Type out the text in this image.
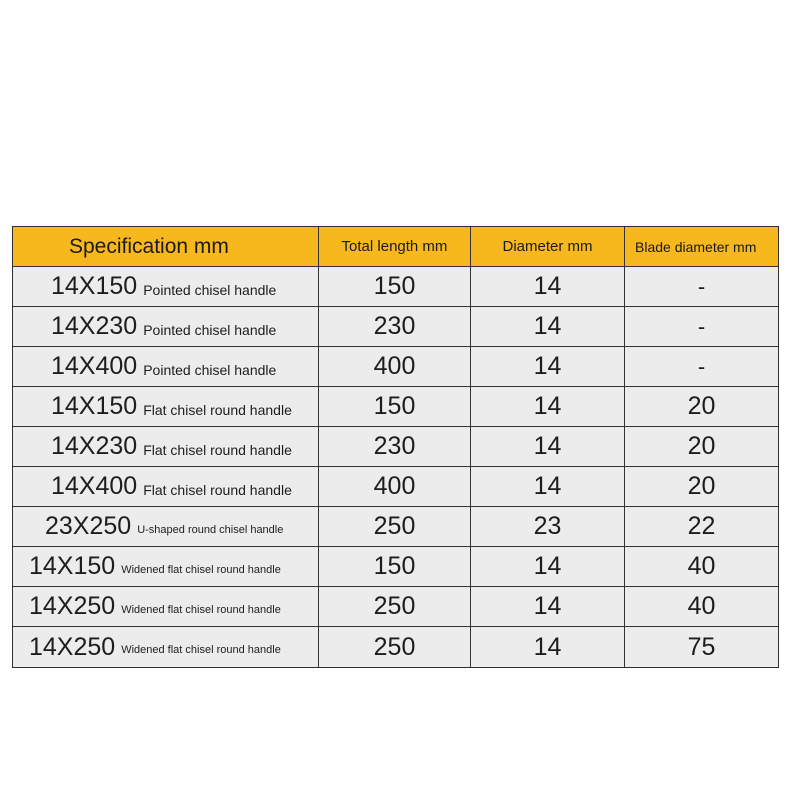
Specification mm	Total length mm	Diameter mm	Blade diameter mm
14X150 Pointed chisel handle	150	14	-
14X230 Pointed chisel handle	230	14	-
14X400 Pointed chisel handle	400	14	-
14X150 Flat chisel round handle	150	14	20
14X230 Flat chisel round handle	230	14	20
14X400 Flat chisel round handle	400	14	20
23X250 U-shaped round chisel handle	250	23	22
14X150 Widened flat chisel round handle	150	14	40
14X250 Widened flat chisel round handle	250	14	40
14X250 Widened flat chisel round handle	250	14	75
